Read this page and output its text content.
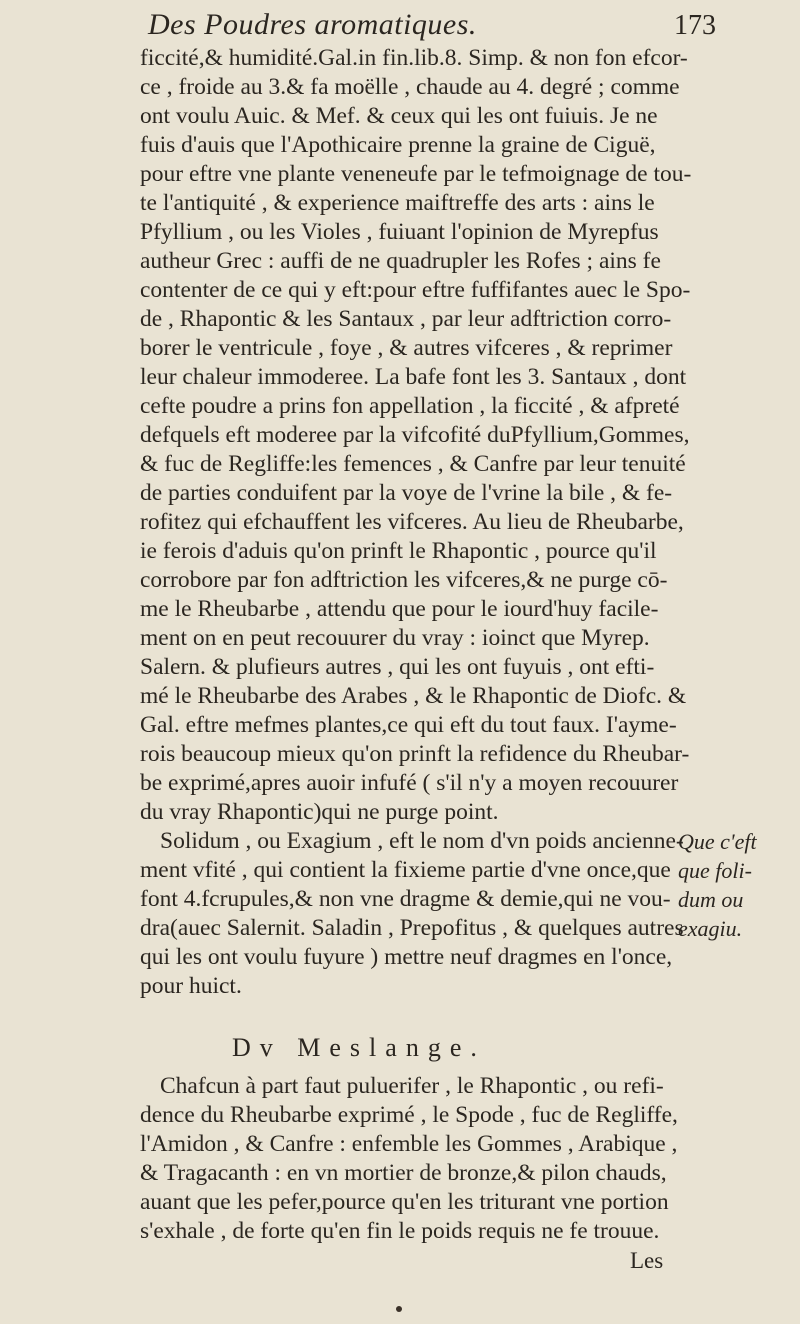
Des Poudres aromatiques.	173
ficcité,& humidité.Gal.in fin.lib.8. Simp. & non fon efcor-
ce , froide au 3.& fa moëlle , chaude au 4. degré ; comme
ont voulu Auic. & Mef. & ceux qui les ont fuiuis. Je ne
fuis d'auis que l'Apothicaire prenne la graine de Ciguë,
pour eftre vne plante veneneufe par le tefmoignage de tou-
te l'antiquité , & experience maiftreffe des arts : ains le
Pfyllium , ou les Violes , fuiuant l'opinion de Myrepfus
autheur Grec : auffi de ne quadrupler les Rofes ; ains fe
contenter de ce qui y eft:pour eftre fuffifantes auec le Spo-
de , Rhapontic & les Santaux , par leur adftriction corro-
borer le ventricule , foye , & autres vifceres , & reprimer
leur chaleur immoderee. La bafe font les 3. Santaux , dont
cefte poudre a prins fon appellation , la ficcité , & afpreté
defquels eft moderee par la vifcofité duPfyllium,Gommes,
& fuc de Regliffe:les femences , & Canfre par leur tenuité
de parties conduifent par la voye de l'vrine la bile , & fe-
rofitez qui efchauffent les vifceres. Au lieu de Rheubarbe,
ie ferois d'aduis qu'on prinft le Rhapontic , pource qu'il
corrobore par fon adftriction les vifceres,& ne purge cō-
me le Rheubarbe , attendu que pour le iourd'huy facile-
ment on en peut recouurer du vray : ioinct que Myrep.
Salern. & plufieurs autres , qui les ont fuyuis , ont efti-
mé le Rheubarbe des Arabes , & le Rhapontic de Diofc. &
Gal. eftre mefmes plantes,ce qui eft du tout faux. I'ayme-
rois beaucoup mieux qu'on prinft la refidence du Rheubar-
be exprimé,apres auoir infufé ( s'il n'y a moyen recouurer
du vray Rhapontic)qui ne purge point.
Solidum , ou Exagium , eft le nom d'vn poids ancienne-
ment vfité , qui contient la fixieme partie d'vne once,que
font 4.fcrupules,& non vne dragme & demie,qui ne vou-
dra(auec Salernit. Saladin , Prepofitus , & quelques autres
qui les ont voulu fuyure ) mettre neuf dragmes en l'once,
pour huict.
Dv Meslange.
Chafcun à part faut puluerifer , le Rhapontic , ou refi-
dence du Rheubarbe exprimé , le Spode , fuc de Regliffe,
l'Amidon , & Canfre : enfemble les Gommes , Arabique ,
& Tragacanth : en vn mortier de bronze,& pilon chauds,
auant que les pefer,pource qu'en les triturant vne portion
s'exhale , de forte qu'en fin le poids requis ne fe trouue.
Que c'eft
que foli-
dum ou
exagiu.
Les
